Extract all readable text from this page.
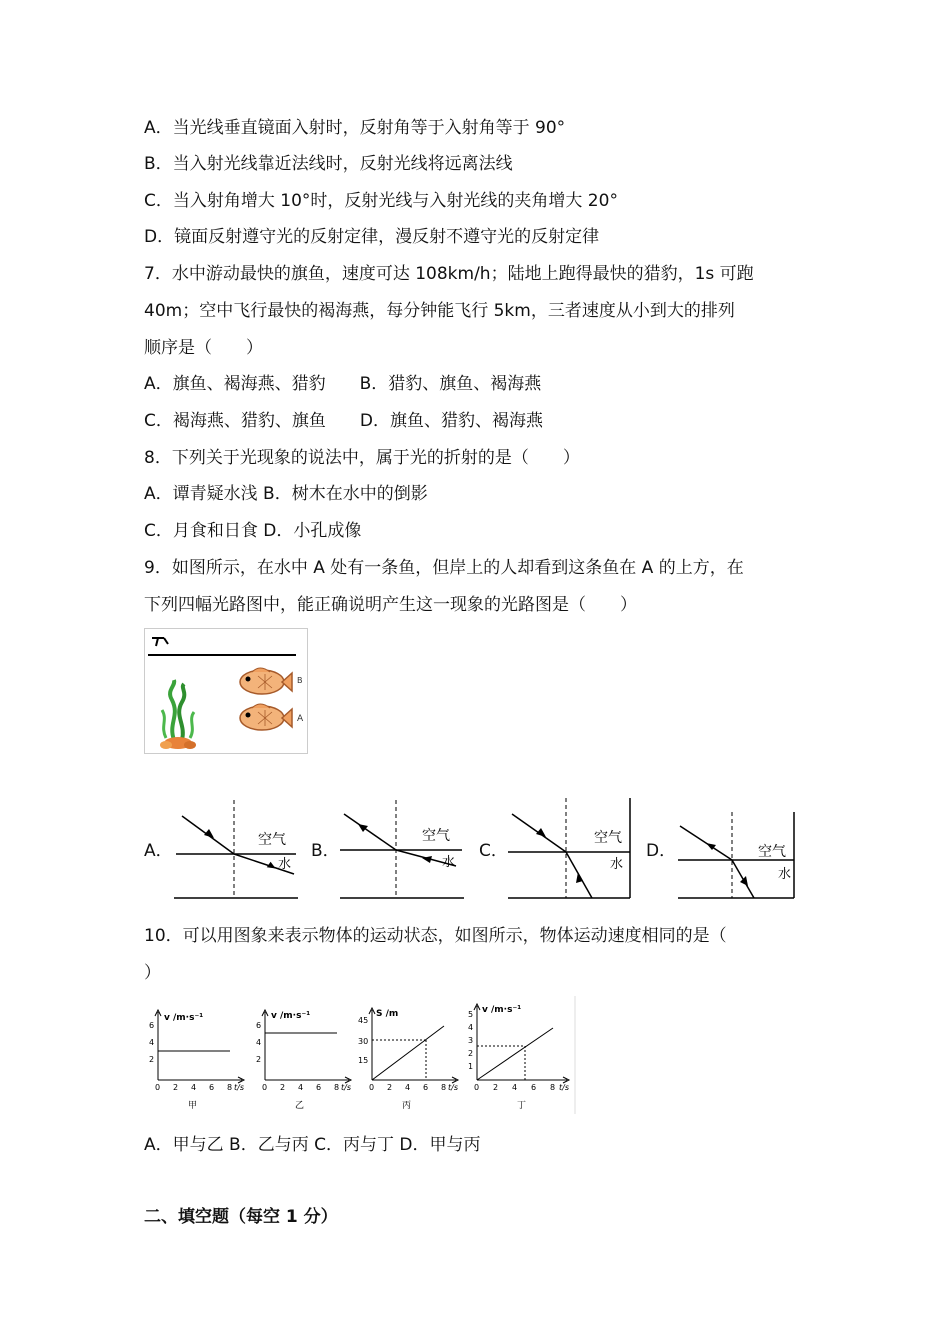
A．当光线垂直镜面入射时，反射角等于入射角等于 90°
B．当入射光线靠近法线时，反射光线将远离法线
C．当入射角增大 10°时，反射光线与入射光线的夹角增大 20°
D．镜面反射遵守光的反射定律，漫反射不遵守光的反射定律
7．水中游动最快的旗鱼，速度可达 108km/h；陆地上跑得最快的猎豹，1s 可跑
40m；空中飞行最快的褐海燕，每分钟能飞行 5km，三者速度从小到大的排列
顺序是（　　）
A．旗鱼、褐海燕、猎豹　　B．猎豹、旗鱼、褐海燕
C．褐海燕、猎豹、旗鱼　　D．旗鱼、猎豹、褐海燕
8．下列关于光现象的说法中，属于光的折射的是（　　）
A．谭青疑水浅 B．树木在水中的倒影
C．月食和日食 D．小孔成像
9．如图所示，在水中 A 处有一条鱼，但岸上的人却看到这条鱼在 A 的上方，在
下列四幅光路图中，能正确说明产生这一现象的光路图是（　　）
B
A
A．
空气
水
B．
空气
水
C．
空气
水
D．	空气
水
10．可以用图象来表示物体的运动状态，如图所示，物体运动速度相同的是（
）
v /m·s⁻¹
2
4
6
0 2 4 6 8 t/s
甲
v /m·s⁻¹
2
4
6
0 2 4 6 8 t/s
乙
S /m
15
30
45
0 2 4 6 8 t/s
丙
v /m·s⁻¹
1
2
3
4
5
0 2 4 6 8 t/s
丁
A．甲与乙 B．乙与丙 C．丙与丁 D．甲与丙
二、填空题（每空 1 分）
